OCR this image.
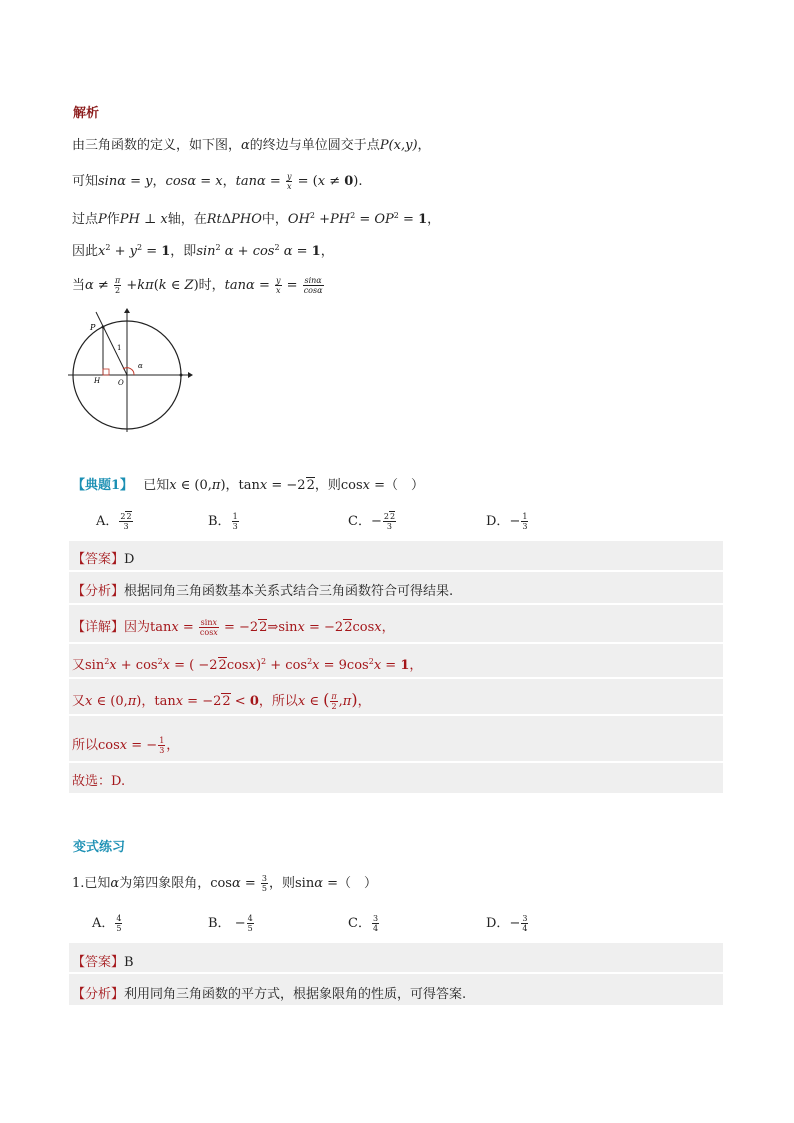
解析
由三角函数的定义，如下图，α的终边与单位圆交于点P(x,y)，
可知sinα = y，cosα = x，$\tan\alpha = \frac{y}{x} = (x \ne 0)$.
过点P作PH ⊥ x轴，在RtΔPHO中，$OH^2 +PH^2 = OP^2 = 1$，
因此$x^2 + y^2 = 1$，即$\sin^2 \alpha + \cos^2 \alpha = 1$，
当$\alpha \ne \frac{\pi}{2} +k\pi(k$ ∈ Z)时，$\tan\alpha = \frac{y}{x} = \frac{\sin\alpha}{\cos\alpha}$
P
H	O
1
α
【典题1】 已知x ∈ (0,π)，tanx = −22，则cosx =（　）
A． $\frac{22}{3}$	B． $\frac{1}{3}$	C．− $\frac{22}{3}$	D．− $\frac{1}{3}$
【答案】D
【分析】根据同角三角函数基本关系式结合三角函数符合可得结果.
【详解】因为$\tan x = \frac{\sin x}{\cos x}$ = −22⇒sinx = −22cosx，
又$\sin^2x + \cos^2x$ = ( $-22\cos x)^2 + \cos^2x = 9\cos^2x = 1$，
又x ∈ (0,π)，tanx = −22 < 0，所以x ∈ ( $\frac{\pi}{2} ,\pi$)，
所以cosx = − $\frac{1}{3}$ ，
故选：D.
变式练习
1.已知α为第四象限角，$\cos\alpha = \frac{3}{5}$ ，则sinα =（　）
A． $\frac{4}{5}$	B． − $\frac{4}{5}$	C． $\frac{3}{4}$	D．− $\frac{3}{4}$
【答案】B
【分析】利用同角三角函数的平方式，根据象限角的性质，可得答案.
